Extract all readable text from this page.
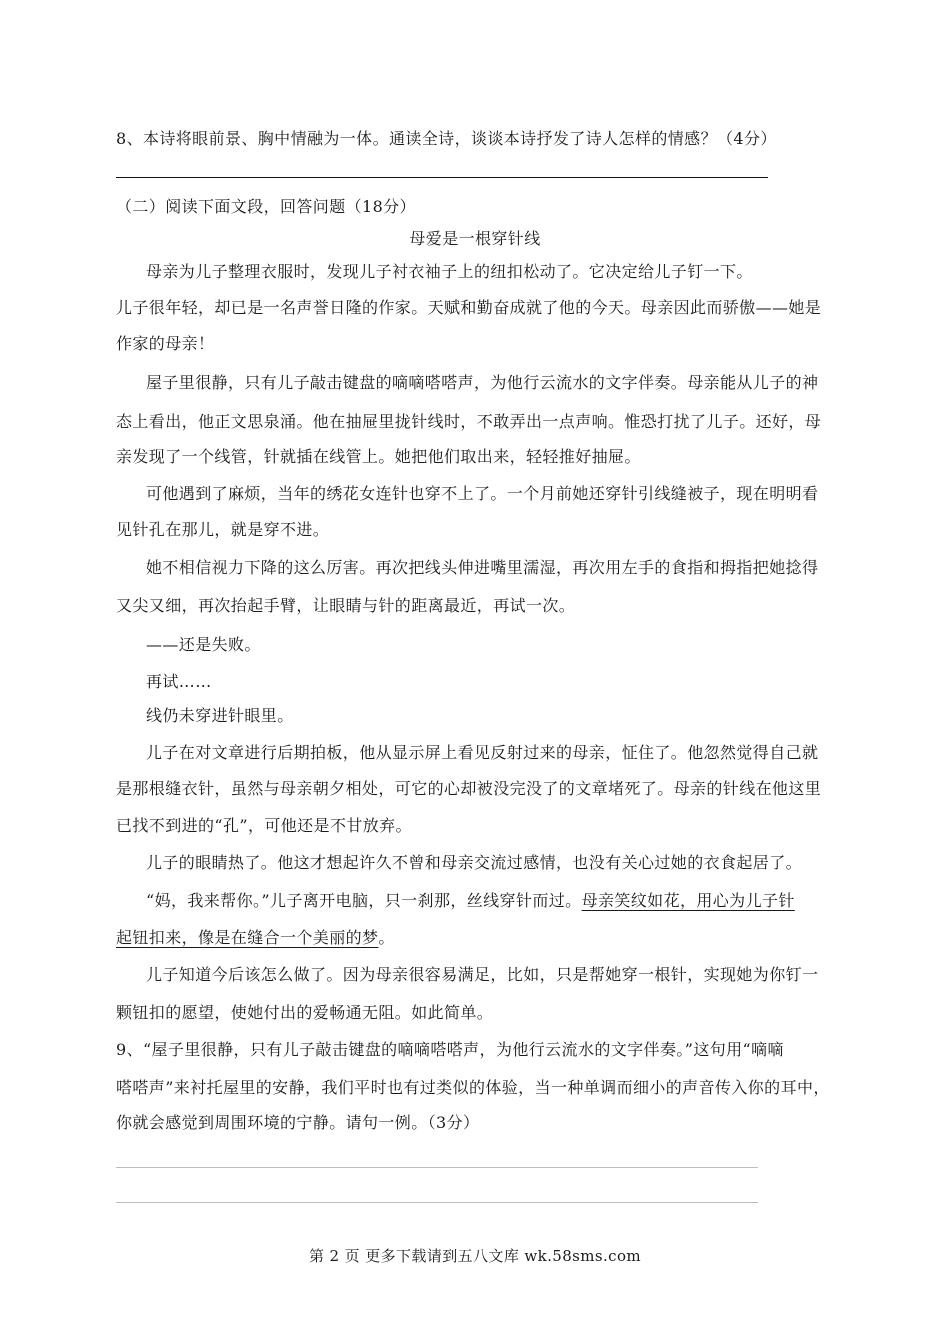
8、本诗将眼前景、胸中情融为一体。通读全诗，谈谈本诗抒发了诗人怎样的情感？（4分）
（二）阅读下面文段，回答问题（18分）
母爱是一根穿针线
母亲为儿子整理衣服时，发现儿子衬衣袖子上的纽扣松动了。它决定给儿子钉一下。
儿子很年轻，却已是一名声誉日隆的作家。天赋和勤奋成就了他的今天。母亲因此而骄傲——她是
作家的母亲！
屋子里很静，只有儿子敲击键盘的嘀嘀嗒嗒声，为他行云流水的文字伴奏。母亲能从儿子的神
态上看出，他正文思泉涌。他在抽屉里拢针线时，不敢弄出一点声响。惟恐打扰了儿子。还好，母
亲发现了一个线管，针就插在线管上。她把他们取出来，轻轻推好抽屉。
可他遇到了麻烦，当年的绣花女连针也穿不上了。一个月前她还穿针引线缝被子，现在明明看
见针孔在那儿，就是穿不进。
她不相信视力下降的这么厉害。再次把线头伸进嘴里濡湿，再次用左手的食指和拇指把她捻得
又尖又细，再次抬起手臂，让眼睛与针的距离最近，再试一次。
——还是失败。
再试……
线仍未穿进针眼里。
儿子在对文章进行后期拍板，他从显示屏上看见反射过来的母亲，怔住了。他忽然觉得自己就
是那根缝衣针，虽然与母亲朝夕相处，可它的心却被没完没了的文章堵死了。母亲的针线在他这里
已找不到进的“孔”，可他还是不甘放弃。
儿子的眼睛热了。他这才想起许久不曾和母亲交流过感情，也没有关心过她的衣食起居了。
“妈，我来帮你。”儿子离开电脑，只一刹那，丝线穿针而过。母亲笑纹如花，用心为儿子针
起钮扣来，像是在缝合一个美丽的梦。
儿子知道今后该怎么做了。因为母亲很容易满足，比如，只是帮她穿一根针，实现她为你钉一
颗钮扣的愿望，使她付出的爱畅通无阻。如此简单。
9、“屋子里很静，只有儿子敲击键盘的嘀嘀嗒嗒声，为他行云流水的文字伴奏。”这句用“嘀嘀
嗒嗒声”来衬托屋里的安静，我们平时也有过类似的体验，当一种单调而细小的声音传入你的耳中，
你就会感觉到周围环境的宁静。请句一例。（3分）
第 2 页 更多下载请到五八文库 wk.58sms.com
